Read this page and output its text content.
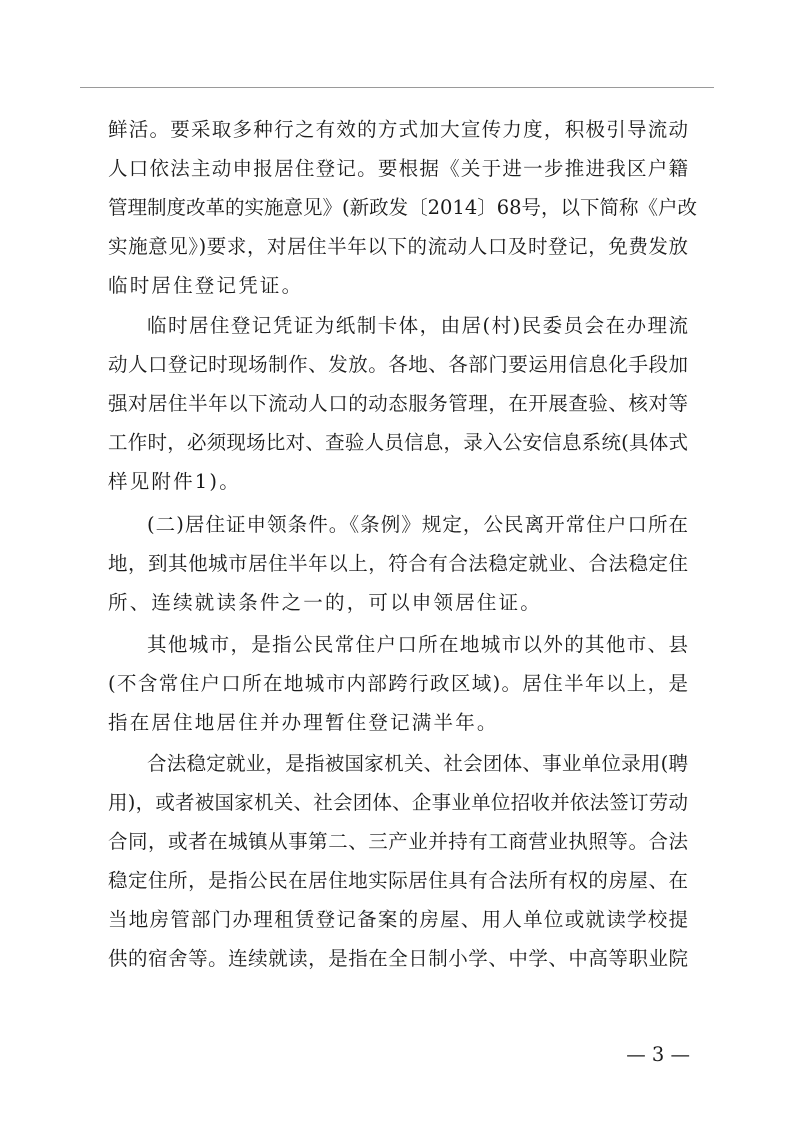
鲜活。要采取多种行之有效的方式加大宣传力度，积极引导流动
人口依法主动申报居住登记。要根据《关于进一步推进我区户籍
管理制度改革的实施意见》(新政发〔2014〕68号，以下简称《户改
实施意见》)要求，对居住半年以下的流动人口及时登记，免费发放
临时居住登记凭证。
临时居住登记凭证为纸制卡体，由居(村)民委员会在办理流
动人口登记时现场制作、发放。各地、各部门要运用信息化手段加
强对居住半年以下流动人口的动态服务管理，在开展查验、核对等
工作时，必须现场比对、查验人员信息，录入公安信息系统(具体式
样见附件1)。
(二)居住证申领条件。《条例》规定，公民离开常住户口所在
地，到其他城市居住半年以上，符合有合法稳定就业、合法稳定住
所、连续就读条件之一的，可以申领居住证。
其他城市，是指公民常住户口所在地城市以外的其他市、县
(不含常住户口所在地城市内部跨行政区域)。居住半年以上，是
指在居住地居住并办理暂住登记满半年。
合法稳定就业，是指被国家机关、社会团体、事业单位录用(聘
用)，或者被国家机关、社会团体、企事业单位招收并依法签订劳动
合同，或者在城镇从事第二、三产业并持有工商营业执照等。合法
稳定住所，是指公民在居住地实际居住具有合法所有权的房屋、在
当地房管部门办理租赁登记备案的房屋、用人单位或就读学校提
供的宿舍等。连续就读，是指在全日制小学、中学、中高等职业院
— 3 —
